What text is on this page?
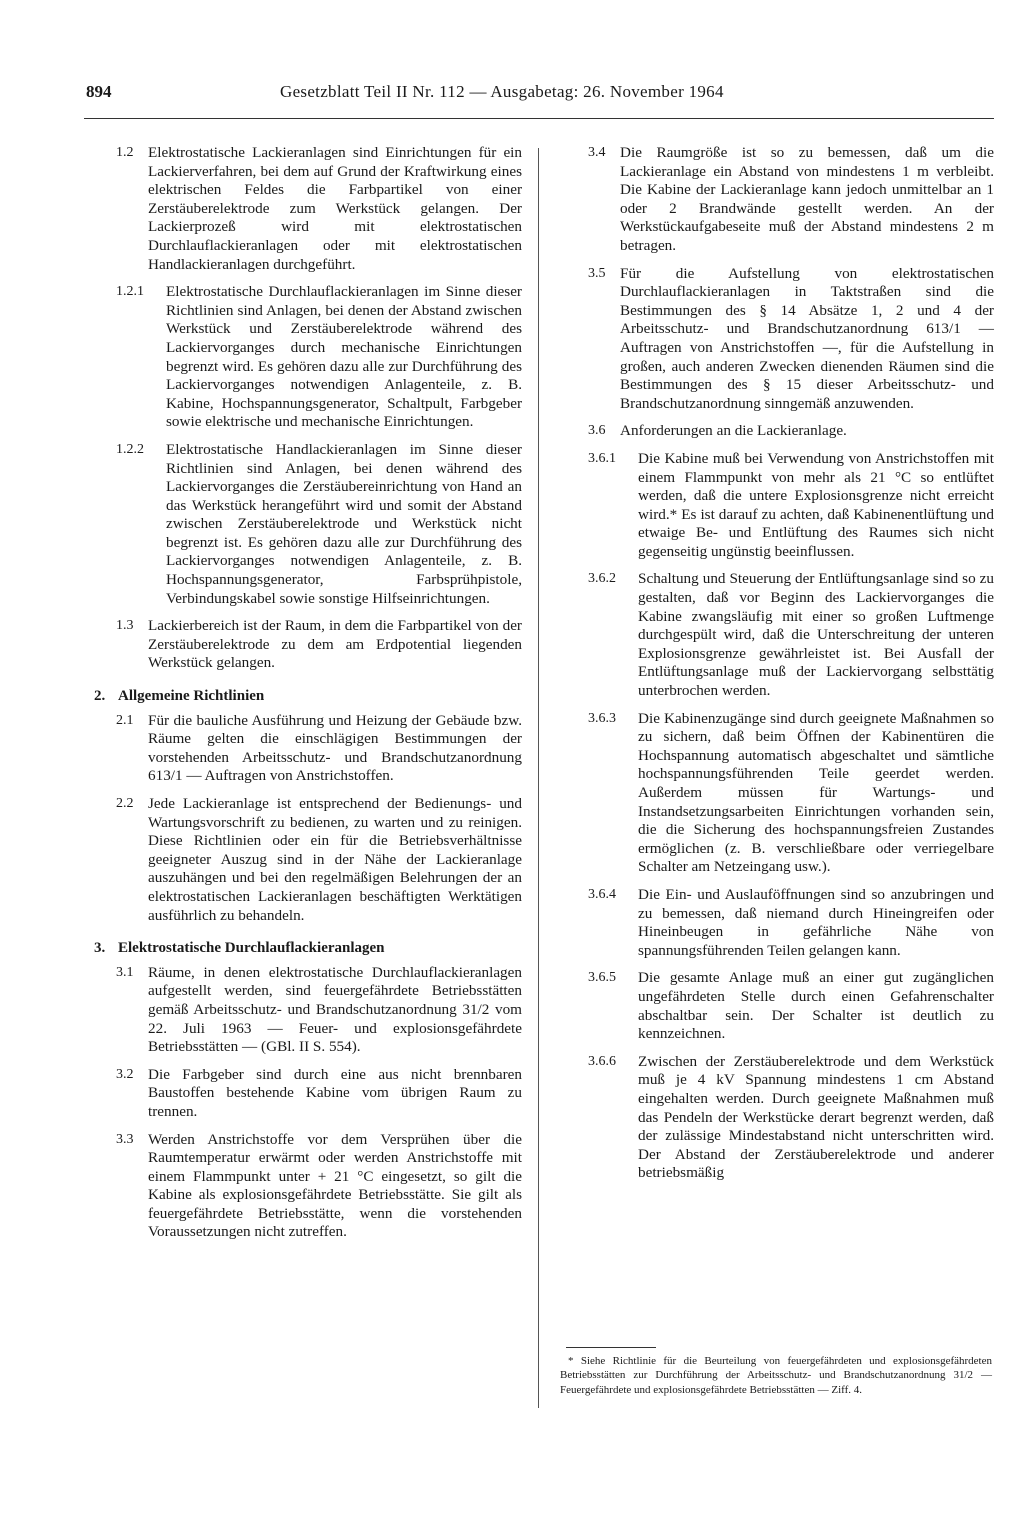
894	Gesetzblatt Teil II Nr. 112 — Ausgabetag: 26. November 1964
1.2 Elektrostatische Lackieranlagen sind Einrichtungen für ein Lackierverfahren, bei dem auf Grund der Kraftwirkung eines elektrischen Feldes die Farbpartikel von einer Zerstäuberelektrode zum Werkstück gelangen. Der Lackierprozeß wird mit elektrostatischen Durchlauflackieranlagen oder mit elektrostatischen Handlackieranlagen durchgeführt.

1.2.1 Elektrostatische Durchlauflackieranlagen im Sinne dieser Richtlinien sind Anlagen, bei denen der Abstand zwischen Werkstück und Zerstäuberelektrode während des Lackiervorganges durch mechanische Einrichtungen begrenzt wird. Es gehören dazu alle zur Durchführung des Lackiervorganges notwendigen Anlagenteile, z. B. Kabine, Hochspannungsgenerator, Schaltpult, Farbgeber sowie elektrische und mechanische Einrichtungen.

1.2.2 Elektrostatische Handlackieranlagen im Sinne dieser Richtlinien sind Anlagen, bei denen während des Lackiervorganges die Zerstäubereinrichtung von Hand an das Werkstück herangeführt wird und somit der Abstand zwischen Zerstäuberelektrode und Werkstück nicht begrenzt ist. Es gehören dazu alle zur Durchführung des Lackiervorganges notwendigen Anlagenteile, z. B. Hochspannungsgenerator, Farbsprühpistole, Verbindungskabel sowie sonstige Hilfseinrichtungen.

1.3 Lackierbereich ist der Raum, in dem die Farbpartikel von der Zerstäuberelektrode zu dem am Erdpotential liegenden Werkstück gelangen.

2. Allgemeine Richtlinien
2.1 Für die bauliche Ausführung und Heizung der Gebäude bzw. Räume gelten die einschlägigen Bestimmungen der vorstehenden Arbeitsschutz- und Brandschutzanordnung 613/1 — Auftragen von Anstrichstoffen.

2.2 Jede Lackieranlage ist entsprechend der Bedienungs- und Wartungsvorschrift zu bedienen, zu warten und zu reinigen. Diese Richtlinien oder ein für die Betriebsverhältnisse geeigneter Auszug sind in der Nähe der Lackieranlage auszuhängen und bei den regelmäßigen Belehrungen der an elektrostatischen Lackieranlagen beschäftigten Werktätigen ausführlich zu behandeln.

3. Elektrostatische Durchlauflackieranlagen
3.1 Räume, in denen elektrostatische Durchlauflackieranlagen aufgestellt werden, sind feuergefährdete Betriebsstätten gemäß Arbeitsschutz- und Brandschutzanordnung 31/2 vom 22. Juli 1963 — Feuer- und explosionsgefährdete Betriebsstätten — (GBl. II S. 554).

3.2 Die Farbgeber sind durch eine aus nicht brennbaren Baustoffen bestehende Kabine vom übrigen Raum zu trennen.

3.3 Werden Anstrichstoffe vor dem Versprühen über die Raumtemperatur erwärmt oder werden Anstrichstoffe mit einem Flammpunkt unter + 21 °C eingesetzt, so gilt die Kabine als explosionsgefährdete Betriebsstätte. Sie gilt als feuergefährdete Betriebsstätte, wenn die vorstehenden Voraussetzungen nicht zutreffen.

3.4 Die Raumgröße ist so zu bemessen, daß um die Lackieranlage ein Abstand von mindestens 1 m verbleibt. Die Kabine der Lackieranlage kann jedoch unmittelbar an 1 oder 2 Brandwände gestellt werden. An der Werkstückaufgabeseite muß der Abstand mindestens 2 m betragen.

3.5 Für die Aufstellung von elektrostatischen Durchlauflackieranlagen in Taktstraßen sind die Bestimmungen des § 14 Absätze 1, 2 und 4 der Arbeitsschutz- und Brandschutzanordnung 613/1 — Auftragen von Anstrichstoffen —, für die Aufstellung in großen, auch anderen Zwecken dienenden Räumen sind die Bestimmungen des § 15 dieser Arbeitsschutz- und Brandschutzanordnung sinngemäß anzuwenden.

3.6 Anforderungen an die Lackieranlage.

3.6.1 Die Kabine muß bei Verwendung von Anstrichstoffen mit einem Flammpunkt von mehr als 21 °C so entlüftet werden, daß die untere Explosionsgrenze nicht erreicht wird.* Es ist darauf zu achten, daß Kabinenentlüftung und etwaige Be- und Entlüftung des Raumes sich nicht gegenseitig ungünstig beeinflussen.

3.6.2 Schaltung und Steuerung der Entlüftungsanlage sind so zu gestalten, daß vor Beginn des Lackiervorganges die Kabine zwangsläufig mit einer so großen Luftmenge durchgespült wird, daß die Unterschreitung der unteren Explosionsgrenze gewährleistet ist. Bei Ausfall der Entlüftungsanlage muß der Lackiervorgang selbsttätig unterbrochen werden.

3.6.3 Die Kabinenzugänge sind durch geeignete Maßnahmen so zu sichern, daß beim Öffnen der Kabinentüren die Hochspannung automatisch abgeschaltet und sämtliche hochspannungsführenden Teile geerdet werden. Außerdem müssen für Wartungs- und Instandsetzungsarbeiten Einrichtungen vorhanden sein, die die Sicherung des hochspannungsfreien Zustandes ermöglichen (z. B. verschließbare oder verriegelbare Schalter am Netzeingang usw.).

3.6.4 Die Ein- und Auslauföffnungen sind so anzubringen und zu bemessen, daß niemand durch Hineingreifen oder Hineinbeugen in gefährliche Nähe von spannungsführenden Teilen gelangen kann.

3.6.5 Die gesamte Anlage muß an einer gut zugänglichen ungefährdeten Stelle durch einen Gefahrenschalter abschaltbar sein. Der Schalter ist deutlich zu kennzeichnen.

3.6.6 Zwischen der Zerstäuberelektrode und dem Werkstück muß je 4 kV Spannung mindestens 1 cm Abstand eingehalten werden. Durch geeignete Maßnahmen muß das Pendeln der Werkstücke derart begrenzt werden, daß der zulässige Mindestabstand nicht unterschritten wird. Der Abstand der Zerstäuberelektrode und anderer betriebsmäßig

* Siehe Richtlinie für die Beurteilung von feuergefährdeten und explosionsgefährdeten Betriebsstätten zur Durchführung der Arbeitsschutz- und Brandschutzanordnung 31/2 — Feuergefährdete und explosionsgefährdete Betriebsstätten — Ziff. 4.
